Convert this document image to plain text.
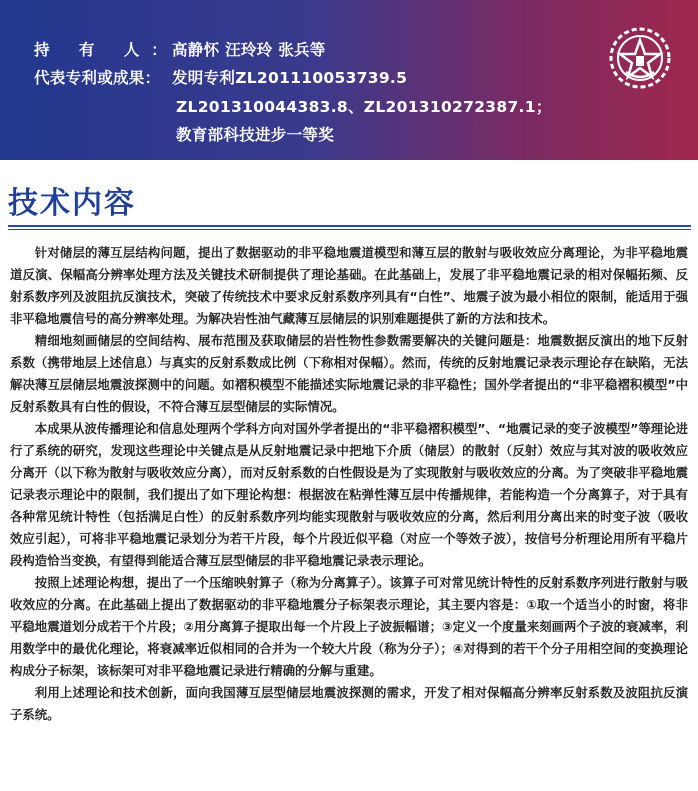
持 有 人：高静怀 汪玲玲 张兵等
代表专利或成果： 发明专利ZL201110053739.5
ZL201310044383.8、ZL201310272387.1；
教育部科技进步一等奖
技术内容

针对储层的薄互层结构问题，提出了数据驱动的非平稳地震道模型和薄互层的散射与吸收效应分离理论，为非平稳地震道反演、保幅高分辨率处理方法及关键技术研制提供了理论基础。在此基础上，发展了非平稳地震记录的相对保幅拓频、反射系数序列及波阻抗反演技术，突破了传统技术中要求反射系数序列具有“白性”、地震子波为最小相位的限制，能适用于强非平稳地震信号的高分辨率处理。为解决岩性油气藏薄互层储层的识别难题提供了新的方法和技术。

精细地刻画储层的空间结构、展布范围及获取储层的岩性物性参数需要解决的关键问题是：地震数据反演出的地下反射系数（携带地层上述信息）与真实的反射系数成比例（下称相对保幅）。然而，传统的反射地震记录表示理论存在缺陷，无法解决薄互层储层地震波探测中的问题。如褶积模型不能描述实际地震记录的非平稳性；国外学者提出的“非平稳褶积模型”中反射系数具有白性的假设，不符合薄互层型储层的实际情况。

本成果从波传播理论和信息处理两个学科方向对国外学者提出的“非平稳褶积模型”、“地震记录的变子波模型”等理论进行了系统的研究，发现这些理论中关键点是从反射地震记录中把地下介质（储层）的散射（反射）效应与其对波的吸收效应分离开（以下称为散射与吸收效应分离），而对反射系数的白性假设是为了实现散射与吸收效应的分离。为了突破非平稳地震记录表示理论中的限制，我们提出了如下理论构想：根据波在粘弹性薄互层中传播规律，若能构造一个分离算子，对于具有各种常见统计特性（包括满足白性）的反射系数序列均能实现散射与吸收效应的分离，然后利用分离出来的时变子波（吸收效应引起），可将非平稳地震记录划分为若干片段，每个片段近似平稳（对应一个等效子波），按信号分析理论用所有平稳片段构造恰当变换，有望得到能适合薄互层型储层的非平稳地震记录表示理论。

按照上述理论构想，提出了一个压缩映射算子（称为分离算子）。该算子可对常见统计特性的反射系数序列进行散射与吸收效应的分离。在此基础上提出了数据驱动的非平稳地震分子标架表示理论，其主要内容是：①取一个适当小的时窗，将非平稳地震道划分成若干个片段；②用分离算子提取出每一个片段上子波振幅谱；③定义一个度量来刻画两个子波的衰减率，利用数学中的最优化理论，将衰减率近似相同的合并为一个较大片段（称为分子）；④对得到的若干个分子用相空间的变换理论构成分子标架，该标架可对非平稳地震记录进行精确的分解与重建。

利用上述理论和技术创新，面向我国薄互层型储层地震波探测的需求，开发了相对保幅高分辨率反射系数及波阻抗反演子系统。
